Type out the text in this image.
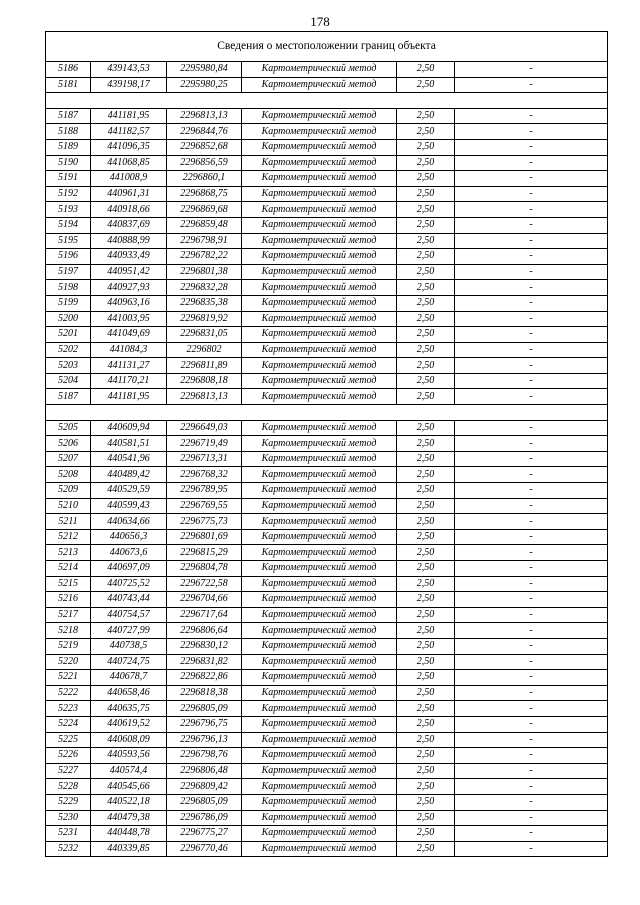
178
Сведения о местоположении границ объекта					
5186	439143,53	2295980,84	Картометрический метод	2,50	-
5181	439198,17	2295980,25	Картометрический метод	2,50	-

5187	441181,95	2296813,13	Картометрический метод	2,50	-
5188	441182,57	2296844,76	Картометрический метод	2,50	-
5189	441096,35	2296852,68	Картометрический метод	2,50	-
5190	441068,85	2296856,59	Картометрический метод	2,50	-
5191	441008,9	2296860,1	Картометрический метод	2,50	-
5192	440961,31	2296868,75	Картометрический метод	2,50	-
5193	440918,66	2296869,68	Картометрический метод	2,50	-
5194	440837,69	2296859,48	Картометрический метод	2,50	-
5195	440888,99	2296798,91	Картометрический метод	2,50	-
5196	440933,49	2296782,22	Картометрический метод	2,50	-
5197	440951,42	2296801,38	Картометрический метод	2,50	-
5198	440927,93	2296832,28	Картометрический метод	2,50	-
5199	440963,16	2296835,38	Картометрический метод	2,50	-
5200	441003,95	2296819,92	Картометрический метод	2,50	-
5201	441049,69	2296831,05	Картометрический метод	2,50	-
5202	441084,3	2296802	Картометрический метод	2,50	-
5203	441131,27	2296811,89	Картометрический метод	2,50	-
5204	441170,21	2296808,18	Картометрический метод	2,50	-
5187	441181,95	2296813,13	Картометрический метод	2,50	-

5205	440609,94	2296649,03	Картометрический метод	2,50	-
5206	440581,51	2296719,49	Картометрический метод	2,50	-
5207	440541,96	2296713,31	Картометрический метод	2,50	-
5208	440489,42	2296768,32	Картометрический метод	2,50	-
5209	440529,59	2296789,95	Картометрический метод	2,50	-
5210	440599,43	2296769,55	Картометрический метод	2,50	-
5211	440634,66	2296775,73	Картометрический метод	2,50	-
5212	440656,3	2296801,69	Картометрический метод	2,50	-
5213	440673,6	2296815,29	Картометрический метод	2,50	-
5214	440697,09	2296804,78	Картометрический метод	2,50	-
5215	440725,52	2296722,58	Картометрический метод	2,50	-
5216	440743,44	2296704,66	Картометрический метод	2,50	-
5217	440754,57	2296717,64	Картометрический метод	2,50	-
5218	440727,99	2296806,64	Картометрический метод	2,50	-
5219	440738,5	2296830,12	Картометрический метод	2,50	-
5220	440724,75	2296831,82	Картометрический метод	2,50	-
5221	440678,7	2296822,86	Картометрический метод	2,50	-
5222	440658,46	2296818,38	Картометрический метод	2,50	-
5223	440635,75	2296805,09	Картометрический метод	2,50	-
5224	440619,52	2296796,75	Картометрический метод	2,50	-
5225	440608,09	2296796,13	Картометрический метод	2,50	-
5226	440593,56	2296798,76	Картометрический метод	2,50	-
5227	440574,4	2296806,48	Картометрический метод	2,50	-
5228	440545,66	2296809,42	Картометрический метод	2,50	-
5229	440522,18	2296805,09	Картометрический метод	2,50	-
5230	440479,38	2296786,09	Картометрический метод	2,50	-
5231	440448,78	2296775,27	Картометрический метод	2,50	-
5232	440339,85	2296770,46	Картометрический метод	2,50	-
